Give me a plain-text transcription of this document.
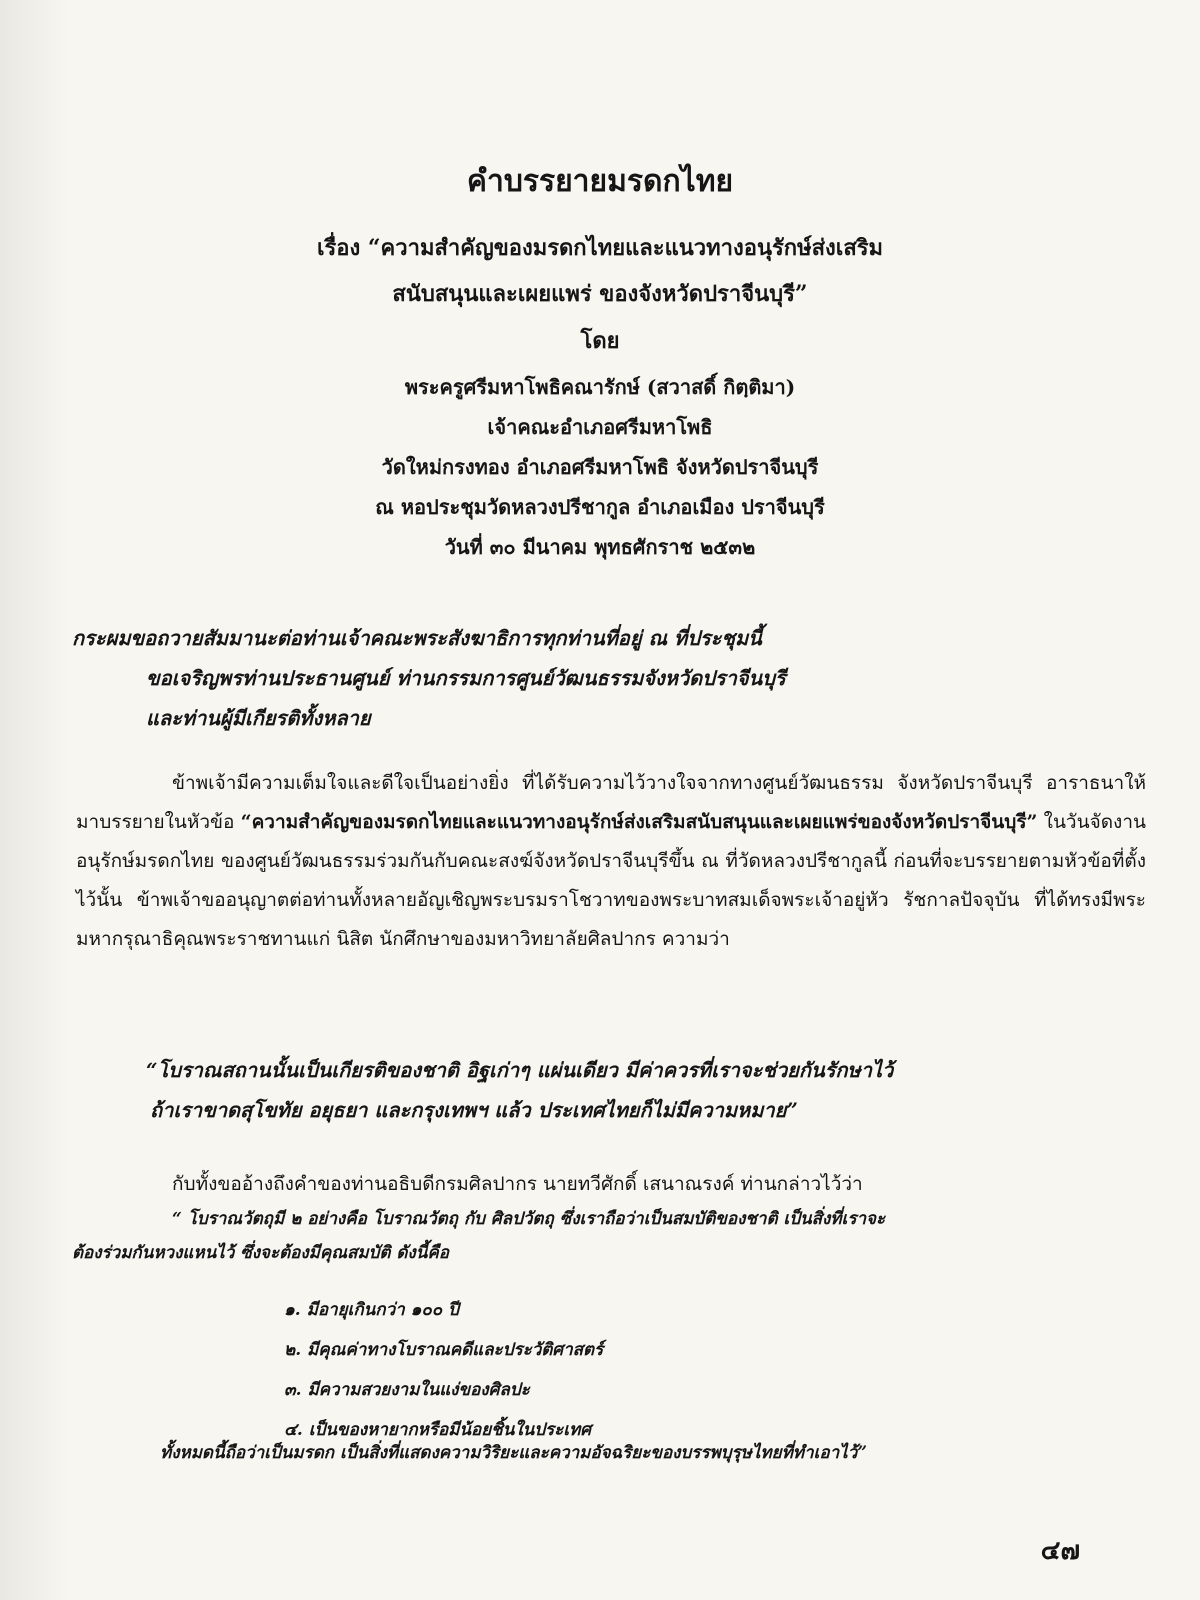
คำบรรยายมรดกไทย
เรื่อง “ความสำคัญของมรดกไทยและแนวทางอนุรักษ์ส่งเสริม
สนับสนุนและเผยแพร่ ของจังหวัดปราจีนบุรี”
โดย
พระครูศรีมหาโพธิคณารักษ์ (สวาสดิ์ กิตฺติมา)
เจ้าคณะอำเภอศรีมหาโพธิ
วัดใหม่กรงทอง อำเภอศรีมหาโพธิ จังหวัดปราจีนบุรี
ณ หอประชุมวัดหลวงปรีชากูล อำเภอเมือง ปราจีนบุรี
วันที่ ๓๐ มีนาคม พุทธศักราช ๒๕๓๒
กระผมขอถวายสัมมานะต่อท่านเจ้าคณะพระสังฆาธิการทุกท่านที่อยู่ ณ ที่ประชุมนี้
ขอเจริญพรท่านประธานศูนย์ ท่านกรรมการศูนย์วัฒนธรรมจังหวัดปราจีนบุรี
และท่านผู้มีเกียรติทั้งหลาย
ข้าพเจ้ามีความเต็มใจและดีใจเป็นอย่างยิ่ง ที่ได้รับความไว้วางใจจากทางศูนย์วัฒนธรรม จังหวัดปราจีนบุรี อาราธนาให้มาบรรยายในหัวข้อ “ความสำคัญของมรดกไทยและแนวทางอนุรักษ์ส่งเสริมสนับสนุนและเผยแพร่ของจังหวัดปราจีนบุรี” ในวันจัดงานอนุรักษ์มรดกไทย ของศูนย์วัฒนธรรมร่วมกันกับคณะสงฆ์จังหวัดปราจีนบุรีขึ้น ณ ที่วัดหลวงปรีชากูลนี้ ก่อนที่จะบรรยายตามหัวข้อที่ตั้งไว้นั้น ข้าพเจ้าขออนุญาตต่อท่านทั้งหลายอัญเชิญพระบรมราโชวาทของพระบาทสมเด็จพระเจ้าอยู่หัว รัชกาลปัจจุบัน ที่ได้ทรงมีพระมหากรุณาธิคุณพระราชทานแก่ นิสิต นักศึกษาของมหาวิทยาลัยศิลปากร ความว่า
“โบราณสถานนั้นเป็นเกียรติของชาติ อิฐเก่าๆ แผ่นเดียว มีค่าควรที่เราจะช่วยกันรักษาไว้
ถ้าเราขาดสุโขทัย อยุธยา และกรุงเทพฯ แล้ว ประเทศไทยก็ไม่มีความหมาย”
กับทั้งขออ้างถึงคำของท่านอธิบดีกรมศิลปากร นายทวีศักดิ์ เสนาณรงค์ ท่านกล่าวไว้ว่า
“ โบราณวัตถุมี ๒ อย่างคือ โบราณวัตถุ กับ ศิลปวัตถุ ซึ่งเราถือว่าเป็นสมบัติของชาติ เป็นสิ่งที่เราจะ
ต้องร่วมกันหวงแหนไว้ ซึ่งจะต้องมีคุณสมบัติ ดังนี้คือ
๑. มีอายุเกินกว่า ๑๐๐ ปี
๒. มีคุณค่าทางโบราณคดีและประวัติศาสตร์
๓. มีความสวยงามในแง่ของศิลปะ
๔. เป็นของหายากหรือมีน้อยชิ้นในประเทศ
ทั้งหมดนี้ถือว่าเป็นมรดก เป็นสิ่งที่แสดงความวิริยะและความอัจฉริยะของบรรพบุรุษไทยที่ทำเอาไว้”
๔๗
